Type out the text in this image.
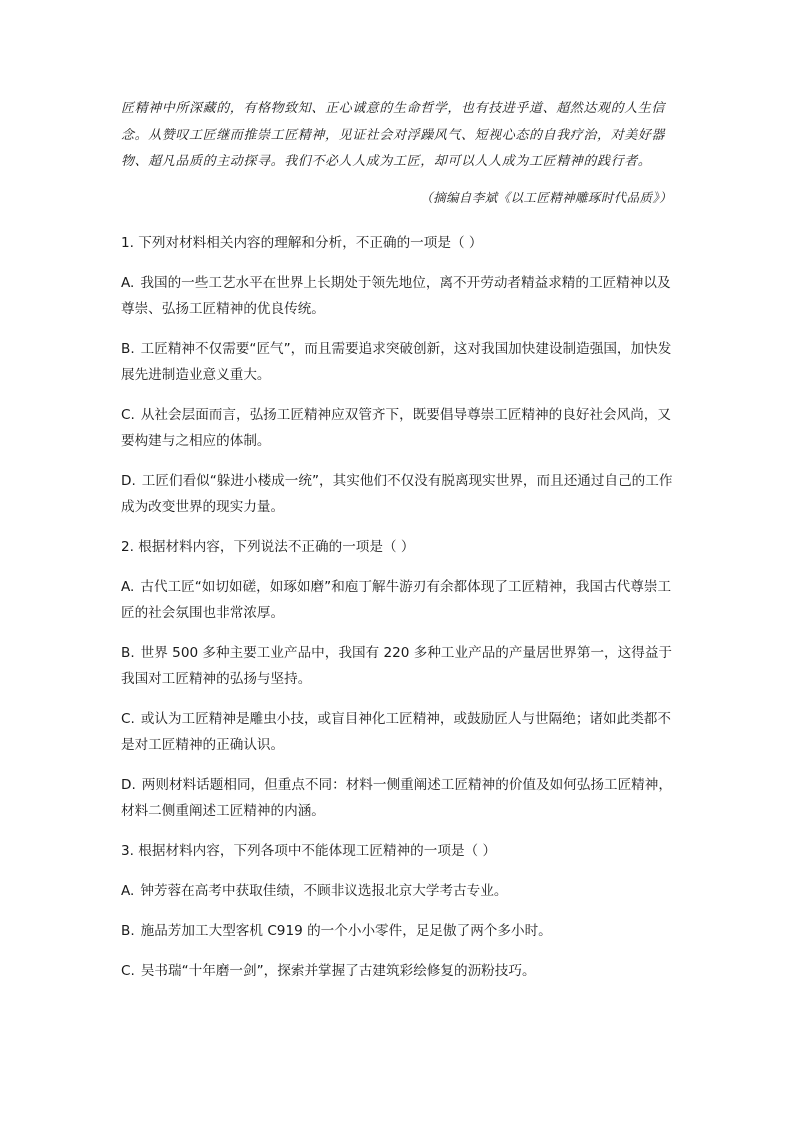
匠精神中所深藏的，有格物致知、正心诚意的生命哲学，也有技进乎道、超然达观的人生信念。从赞叹工匠继而推崇工匠精神，见证社会对浮躁风气、短视心态的自我疗治，对美好器物、超凡品质的主动探寻。我们不必人人成为工匠，却可以人人成为工匠精神的践行者。

（摘编自李斌《以工匠精神雕琢时代品质》）

1. 下列对材料相关内容的理解和分析，不正确的一项是（ ）

A. 我国的一些工艺水平在世界上长期处于领先地位，离不开劳动者精益求精的工匠精神以及尊崇、弘扬工匠精神的优良传统。

B. 工匠精神不仅需要“匠气”，而且需要追求突破创新，这对我国加快建设制造强国，加快发展先进制造业意义重大。

C. 从社会层面而言，弘扬工匠精神应双管齐下，既要倡导尊崇工匠精神的良好社会风尚，又要构建与之相应的体制。

D. 工匠们看似“躲进小楼成一统”，其实他们不仅没有脱离现实世界，而且还通过自己的工作成为改变世界的现实力量。

2. 根据材料内容，下列说法不正确的一项是（ ）

A. 古代工匠“如切如磋，如琢如磨”和庖丁解牛游刃有余都体现了工匠精神，我国古代尊崇工匠的社会氛围也非常浓厚。

B. 世界 500 多种主要工业产品中，我国有 220 多种工业产品的产量居世界第一，这得益于我国对工匠精神的弘扬与坚持。

C. 或认为工匠精神是雕虫小技，或盲目神化工匠精神，或鼓励匠人与世隔绝；诸如此类都不是对工匠精神的正确认识。

D. 两则材料话题相同，但重点不同：材料一侧重阐述工匠精神的价值及如何弘扬工匠精神，材料二侧重阐述工匠精神的内涵。

3. 根据材料内容，下列各项中不能体现工匠精神的一项是（ ）

A. 钟芳蓉在高考中获取佳绩，不顾非议选报北京大学考古专业。

B. 施品芳加工大型客机 C919 的一个小小零件，足足傲了两个多小时。

C. 吴书瑞“十年磨一剑”，探索并掌握了古建筑彩绘修复的沥粉技巧。
